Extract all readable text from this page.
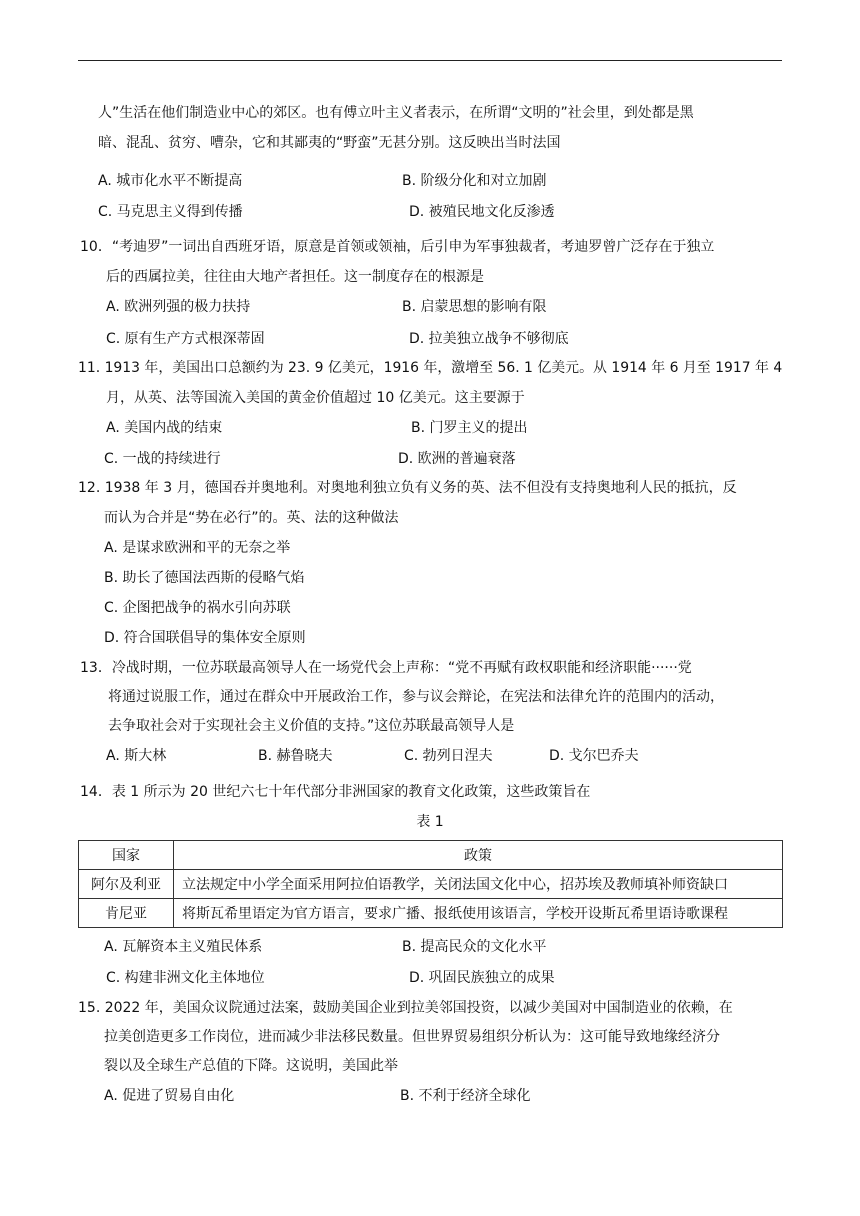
人”生活在他们制造业中心的郊区。也有傅立叶主义者表示，在所谓“文明的”社会里，到处都是黑
暗、混乱、贫穷、嘈杂，它和其鄙夷的“野蛮”无甚分别。这反映出当时法国
A. 城市化水平不断提高	B. 阶级分化和对立加剧
C. 马克思主义得到传播	D. 被殖民地文化反渗透
10．“考迪罗”一词出自西班牙语，原意是首领或领袖，后引申为军事独裁者，考迪罗曾广泛存在于独立
后的西属拉美，往往由大地产者担任。这一制度存在的根源是
A. 欧洲列强的极力扶持	B. 启蒙思想的影响有限
C. 原有生产方式根深蒂固	D. 拉美独立战争不够彻底
11. 1913 年，美国出口总额约为 23. 9 亿美元，1916 年，激增至 56. 1 亿美元。从 1914 年 6 月至 1917 年 4
月，从英、法等国流入美国的黄金价值超过 10 亿美元。这主要源于
A. 美国内战的结束	B. 门罗主义的提出
C. 一战的持续进行	D. 欧洲的普遍衰落
12. 1938 年 3 月，德国吞并奥地利。对奥地利独立负有义务的英、法不但没有支持奥地利人民的抵抗，反
而认为合并是“势在必行”的。英、法的这种做法
A. 是谋求欧洲和平的无奈之举
B. 助长了德国法西斯的侵略气焰
C. 企图把战争的祸水引向苏联
D. 符合国联倡导的集体安全原则
13．冷战时期，一位苏联最高领导人在一场党代会上声称：“党不再赋有政权职能和经济职能······党
将通过说服工作，通过在群众中开展政治工作，参与议会辩论，在宪法和法律允许的范围内的活动，
去争取社会对于实现社会主义价值的支持。”这位苏联最高领导人是
A. 斯大林	B. 赫鲁晓夫	C. 勃列日涅夫	D. 戈尔巴乔夫
14．表 1 所示为 20 世纪六七十年代部分非洲国家的教育文化政策，这些政策旨在
表 1
国家	政策
阿尔及利亚	立法规定中小学全面采用阿拉伯语教学，关闭法国文化中心，招苏埃及教师填补师资缺口
肯尼亚	将斯瓦希里语定为官方语言，要求广播、报纸使用该语言，学校开设斯瓦希里语诗歌课程
A. 瓦解资本主义殖民体系	B. 提高民众的文化水平
C. 构建非洲文化主体地位	D. 巩固民族独立的成果
15. 2022 年，美国众议院通过法案，鼓励美国企业到拉美邻国投资，以减少美国对中国制造业的依赖，在
拉美创造更多工作岗位，进而减少非法移民数量。但世界贸易组织分析认为：这可能导致地缘经济分
裂以及全球生产总值的下降。这说明，美国此举
A. 促进了贸易自由化	B. 不利于经济全球化
